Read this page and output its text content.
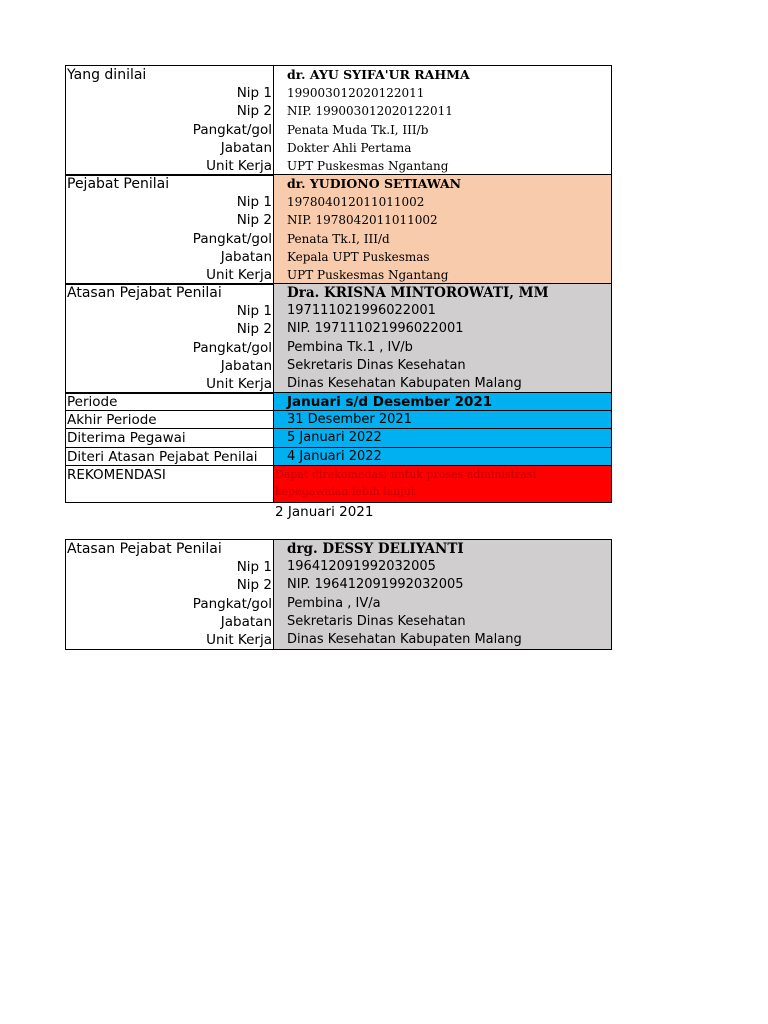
Yang dinilai	dr. AYU SYIFA'UR RAHMA
Nip 1	199003012020122011
Nip 2	NIP. 199003012020122011
Pangkat/gol	Penata Muda Tk.I, III/b
Jabatan	Dokter Ahli Pertama
Unit Kerja	UPT Puskesmas Ngantang
Pejabat Penilai	dr. YUDIONO SETIAWAN
Nip 1	197804012011011002
Nip 2	NIP. 197804201101100​2
Pangkat/gol	Penata Tk.I, III/d
Jabatan	Kepala UPT Puskesmas
Unit Kerja	UPT Puskesmas Ngantang
Atasan Pejabat Penilai	Dra. KRISNA MINTOROWATI, MM
Nip 1	197111021996022001
Nip 2	NIP. 197111021996022001
Pangkat/gol	Pembina Tk.1 , IV/b
Jabatan	Sekretaris Dinas Kesehatan
Unit Kerja	Dinas Kesehatan Kabupaten Malang
Periode	Januari s/d Desember 2021
Akhir Periode	31 Desember 2021
Diterima Pegawai	5 Januari 2022
Diteri Atasan Pejabat Penilai	4 Januari 2022
REKOMENDASI	Dapat direkomedasi untuk proses administrasi kepegawaian lebih lanjut
2 Januari 2021
Atasan Pejabat Penilai	drg. DESSY DELIYANTI
Nip 1	196412091992032005
Nip 2	NIP. 196412091992032005
Pangkat/gol	Pembina , IV/a
Jabatan	Sekretaris Dinas Kesehatan
Unit Kerja	Dinas Kesehatan Kabupaten Malang
